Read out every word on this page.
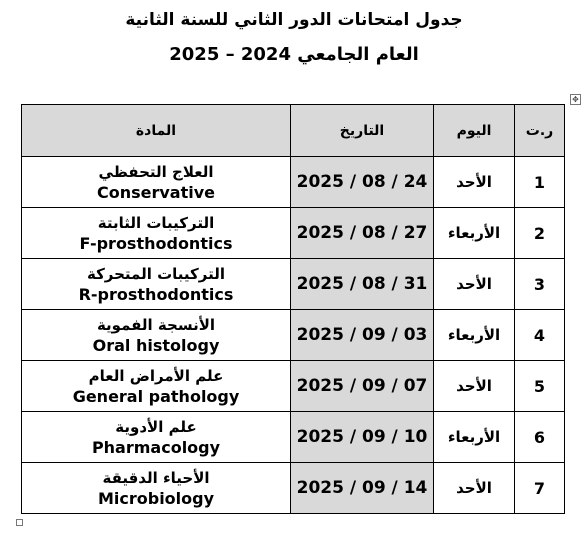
جدول امتحانات الدور الثاني للسنة الثانية
العام الجامعي 2025 – 2024
✥
ر.ت	اليوم	التاريخ	المادة
1	الأحد	2025 / 08 / 24	العلاج التحفظي
Conservative

2	الأربعاء	2025 / 08 / 27	التركيبات الثابتة
F-prosthodontics

3	الأحد	2025 / 08 / 31	التركيبات المتحركة
R-prosthodontics

4	الأربعاء	2025 / 09 / 03	الأنسجة الفموية
Oral histology

5	الأحد	2025 / 09 / 07	علم الأمراض العام
General pathology

6	الأربعاء	2025 / 09 / 10	علم الأدوية
Pharmacology

7	الأحد	2025 / 09 / 14	الأحياء الدقيقة
Microbiology
